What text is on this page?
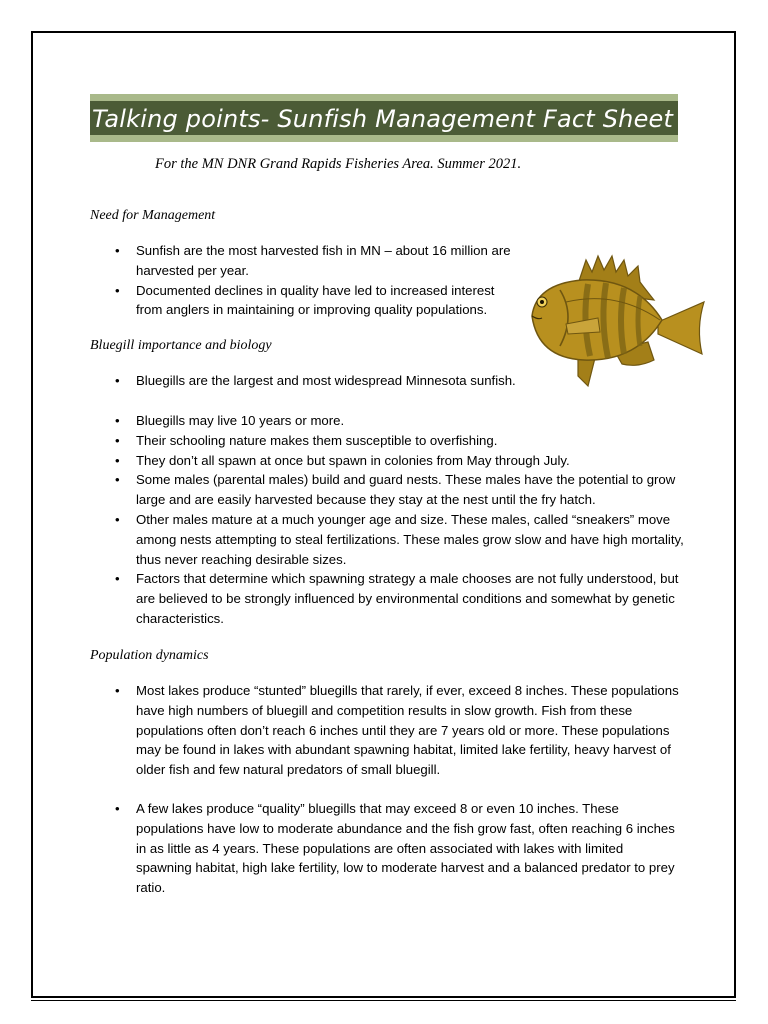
Talking points- Sunfish Management Fact Sheet
For the MN DNR Grand Rapids Fisheries Area. Summer 2021.
Need for Management
• Sunfish are the most harvested fish in MN – about 16 million are harvested per year.
• Documented declines in quality have led to increased interest from anglers in maintaining or improving quality populations.
Bluegill importance and biology
• Bluegills are the largest and most widespread Minnesota sunfish.
• Bluegills may live 10 years or more.
• Their schooling nature makes them susceptible to overfishing.
• They don’t all spawn at once but spawn in colonies from May through July.
• Some males (parental males) build and guard nests. These males have the potential to grow large and are easily harvested because they stay at the nest until the fry hatch.
• Other males mature at a much younger age and size. These males, called “sneakers” move among nests attempting to steal fertilizations. These males grow slow and have high mortality, thus never reaching desirable sizes.
• Factors that determine which spawning strategy a male chooses are not fully understood, but are believed to be strongly influenced by environmental conditions and somewhat by genetic characteristics.
Population dynamics
• Most lakes produce “stunted” bluegills that rarely, if ever, exceed 8 inches. These populations have high numbers of bluegill and competition results in slow growth. Fish from these populations often don’t reach 6 inches until they are 7 years old or more. These populations may be found in lakes with abundant spawning habitat, limited lake fertility, heavy harvest of older fish and few natural predators of small bluegill.
• A few lakes produce “quality” bluegills that may exceed 8 or even 10 inches. These populations have low to moderate abundance and the fish grow fast, often reaching 6 inches in as little as 4 years. These populations are often associated with lakes with limited spawning habitat, high lake fertility, low to moderate harvest and a balanced predator to prey ratio.
